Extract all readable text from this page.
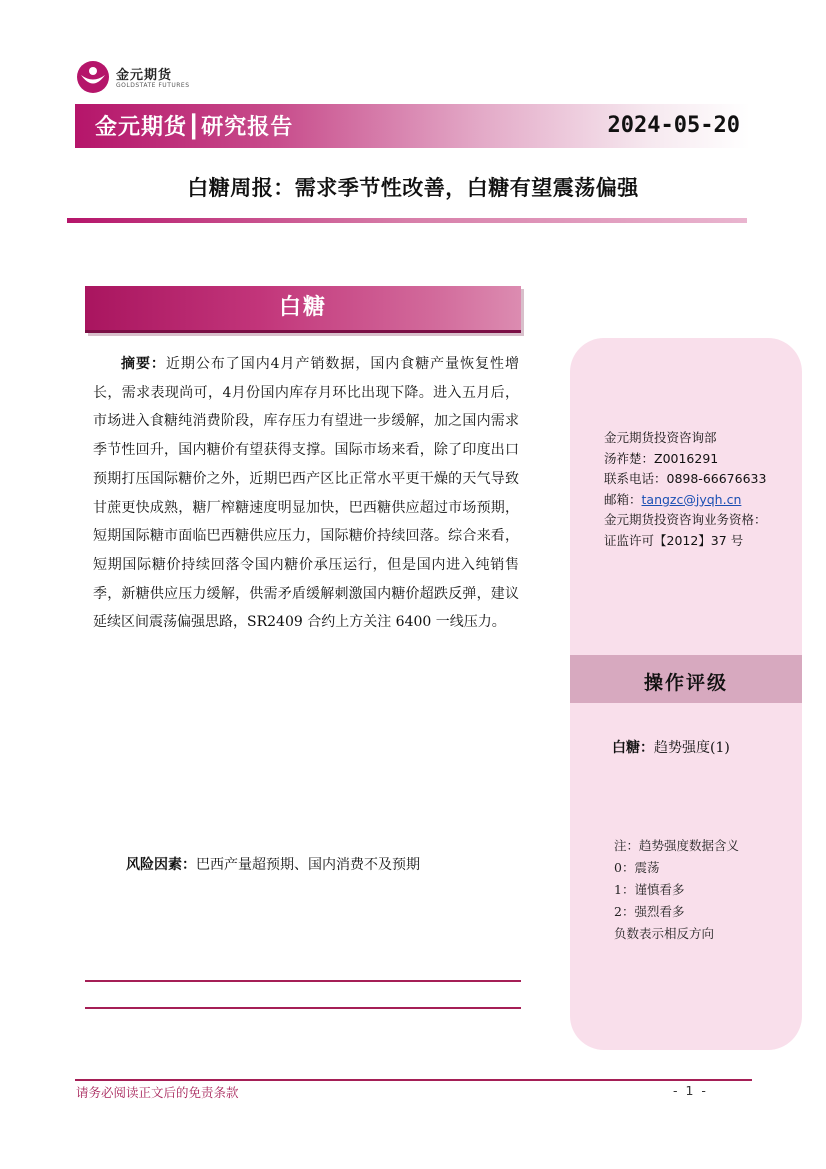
金元期货
GOLDSTATE FUTURES
金元期货┃研究报告	2024-05-20
白糖周报：需求季节性改善，白糖有望震荡偏强
白糖
摘要：近期公布了国内4月产销数据，国内食糖产量恢复性增长，需求表现尚可，4月份国内库存月环比出现下降。进入五月后，市场进入食糖纯消费阶段，库存压力有望进一步缓解，加之国内需求季节性回升，国内糖价有望获得支撑。国际市场来看，除了印度出口预期打压国际糖价之外，近期巴西产区比正常水平更干燥的天气导致甘蔗更快成熟，糖厂榨糖速度明显加快，巴西糖供应超过市场预期，短期国际糖市面临巴西糖供应压力，国际糖价持续回落。综合来看，短期国际糖价持续回落令国内糖价承压运行，但是国内进入纯销售季，新糖供应压力缓解，供需矛盾缓解刺激国内糖价超跌反弹，建议延续区间震荡偏强思路，SR2409 合约上方关注 6400 一线压力。
风险因素：巴西产量超预期、国内消费不及预期
金元期货投资咨询部
汤祚楚：Z0016291
联系电话：0898-66676633
邮箱：tangzc@jyqh.cn
金元期货投资咨询业务资格：
证监许可【2012】37 号
操作评级
白糖：趋势强度(1)
注：趋势强度数据含义
0：震荡
1：谨慎看多
2：强烈看多
负数表示相反方向
请务必阅读正文后的免责条款	- 1 -
